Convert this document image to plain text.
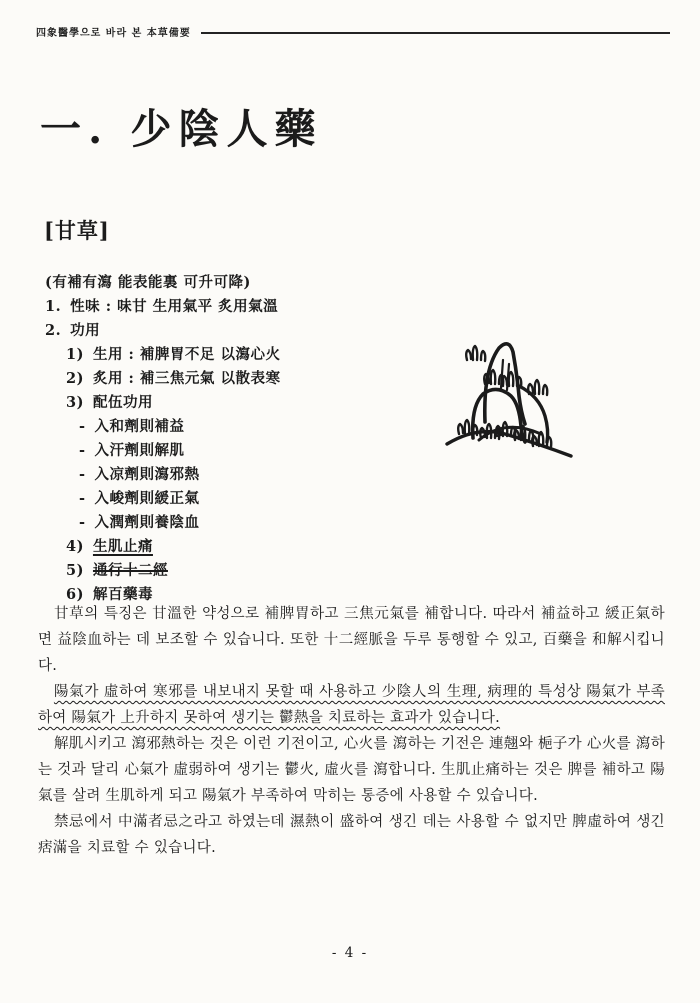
四象醫學으로 바라 본 本草備要
一. 少陰人藥
[甘草]
(有補有瀉 能表能裏 可升可降)
1. 性味 : 味甘 生用氣平 炙用氣溫
2. 功用
1) 生用 : 補脾胃不足 以瀉心火
2) 炙用 : 補三焦元氣 以散表寒
3) 配伍功用
- 入和劑則補益
- 入汗劑則解肌
- 入凉劑則瀉邪熱
- 入峻劑則緩正氣
- 入潤劑則養陰血
4) 生肌止痛
5) 通行十二經
6) 解百藥毒

甘草의 특징은 甘溫한 약성으로 補脾胃하고 三焦元氣를 補합니다. 따라서 補益하고 緩正氣하면 益陰血하는 데 보조할 수 있습니다. 또한 十二經脈을 두루 통행할 수 있고, 百藥을 和解시킵니다.

陽氣가 虛하여 寒邪를 내보내지 못할 때 사용하고 少陰人의 生理, 病理的 특성상 陽氣가 부족하여 陽氣가 上升하지 못하여 생기는 鬱熱을 치료하는 효과가 있습니다.

解肌시키고 瀉邪熱하는 것은 이런 기전이고, 心火를 瀉하는 기전은 連翹와 梔子가 心火를 瀉하는 것과 달리 心氣가 虛弱하여 생기는 鬱火, 虛火를 瀉합니다. 生肌止痛하는 것은 脾를 補하고 陽氣를 살려 生肌하게 되고 陽氣가 부족하여 막히는 통증에 사용할 수 있습니다.

禁忌에서 中滿者忌之라고 하였는데 濕熱이 盛하여 생긴 데는 사용할 수 없지만 脾虛하여 생긴 痞滿을 치료할 수 있습니다.

- 4 -
